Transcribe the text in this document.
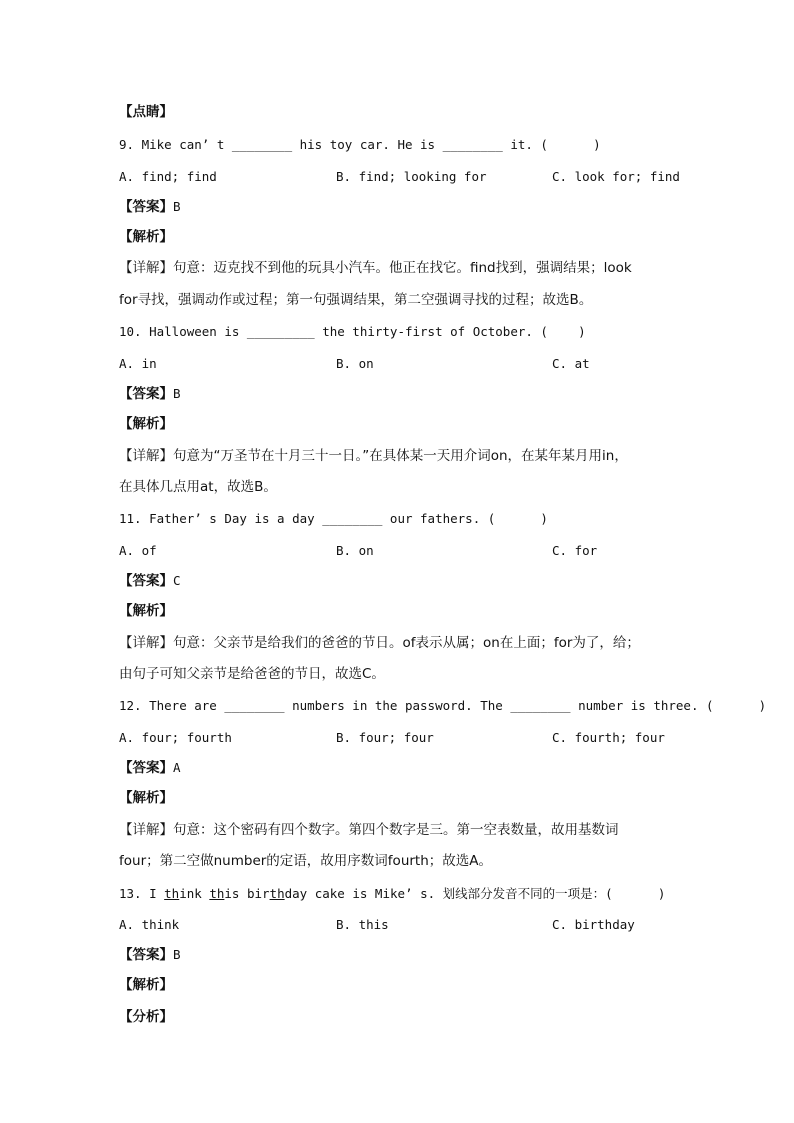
【点睛】
9. Mike can’ t ________ his toy car. He is ________ it. (      )
A. find; find	B. find; looking for	C. look for; find
【答案】B
【解析】
【详解】句意：迈克找不到他的玩具小汽车。他正在找它。find找到，强调结果；look
for寻找，强调动作或过程；第一句强调结果，第二空强调寻找的过程；故选B。
10. Halloween is _________ the thirty-first of October. (    )
A. in	B. on	C. at
【答案】B
【解析】
【详解】句意为“万圣节在十月三十一日。”在具体某一天用介词on，在某年某月用in，
在具体几点用at，故选B。
11. Father’ s Day is a day ________ our fathers. (      )
A. of	B. on	C. for
【答案】C
【解析】
【详解】句意：父亲节是给我们的爸爸的节日。of表示从属；on在上面；for为了，给；
由句子可知父亲节是给爸爸的节日，故选C。
12. There are ________ numbers in the password. The ________ number is three. (      )
A. four; fourth	B. four; four	C. fourth; four
【答案】A
【解析】
【详解】句意：这个密码有四个数字。第四个数字是三。第一空表数量，故用基数词
four；第二空做number的定语，故用序数词fourth；故选A。
13. I think this birthday cake is Mike’ s. 划线部分发音不同的一项是：(      )
A. think	B. this	C. birthday
【答案】B
【解析】
【分析】
